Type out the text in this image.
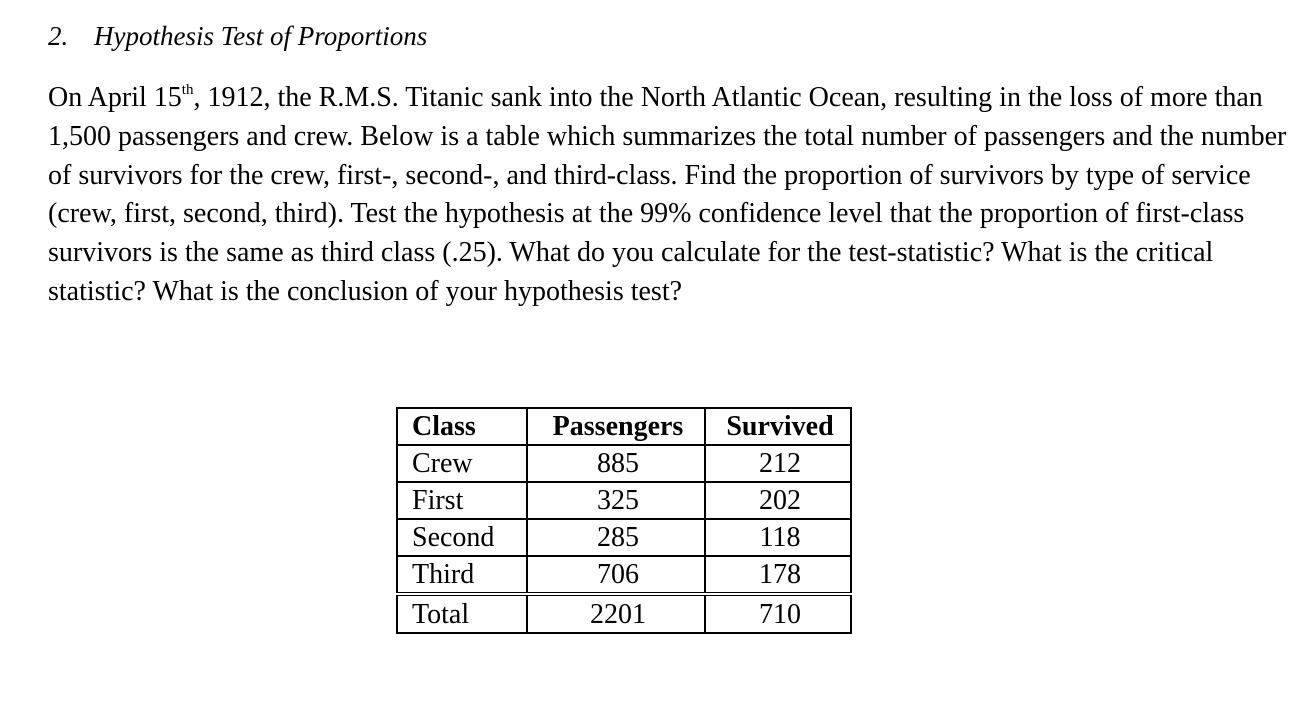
2. Hypothesis Test of Proportions

On April 15th, 1912, the R.M.S. Titanic sank into the North Atlantic Ocean, resulting in the loss of more than 1,500 passengers and crew. Below is a table which summarizes the total number of passengers and the number of survivors for the crew, first-, second-, and third-class. Find the proportion of survivors by type of service (crew, first, second, third). Test the hypothesis at the 99% confidence level that the proportion of first-class survivors is the same as third class (.25). What do you calculate for the test-statistic? What is the critical statistic? What is the conclusion of your hypothesis test?

Class	Passengers	Survived
Crew	885	212
First	325	202
Second	285	118
Third	706	178
Total	2201	710
